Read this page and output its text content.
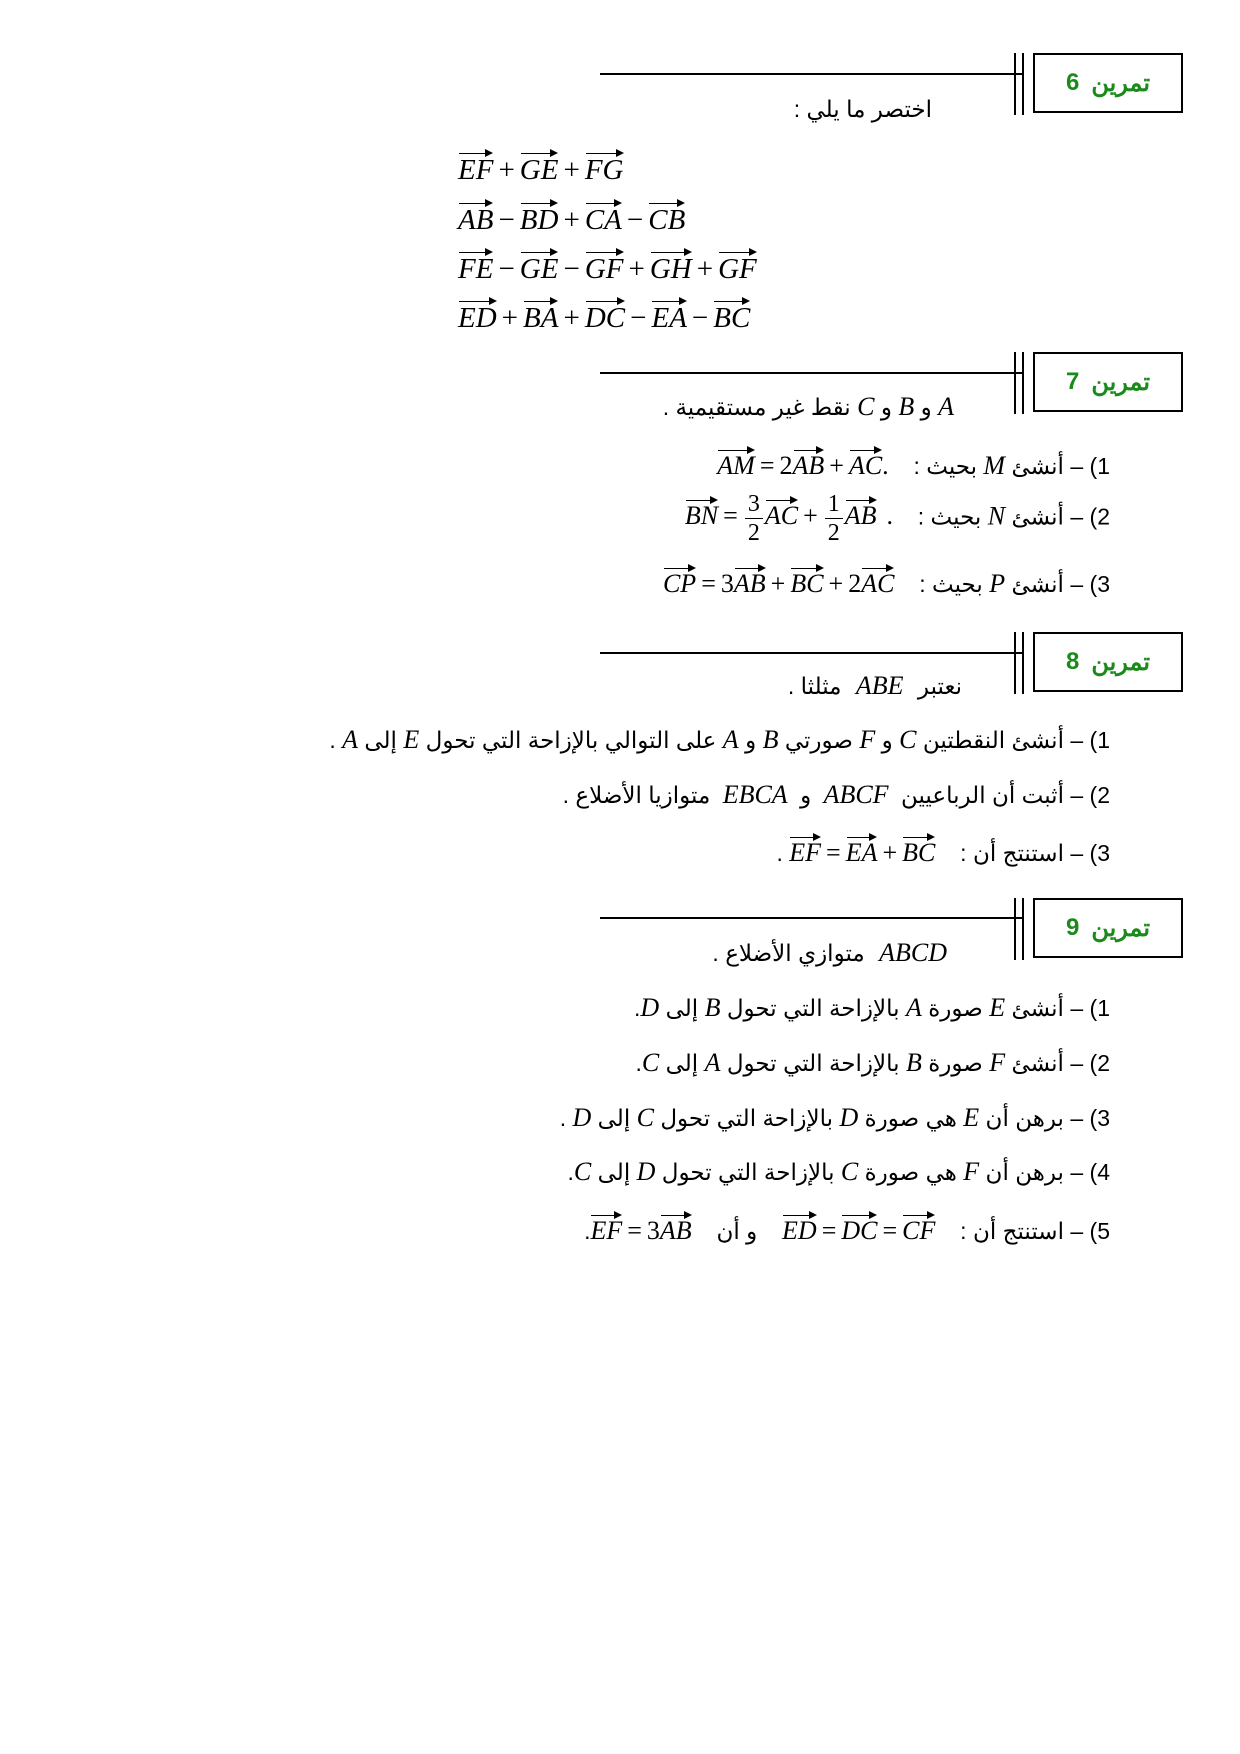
تمرين
6
اختصر ما يلي :
EF + GE + FG
AB − BD + CA − CB
FE − GE − GF + GH + GF
ED + BA + DC − EA − BC
تمرين
7
A و B و C نقط غير مستقيمية .
1) – أنشئ M بحيث :  AM = 2AB + AC.
2) – أنشئ N بحيث :  BN = $\frac{3}{2}$ AC + $\frac{1}{2}$ AB .
3) – أنشئ P بحيث :  CP = 3AB + BC + 2AC
تمرين
8
نعتبر ABE مثلثا .
1) – أنشئ النقطتين C و F صورتي B و A على التوالي بالإزاحة التي تحول E إلى A .
2) – أثبت أن الرباعيين ABCF و EBCA متوازيا الأضلاع .
3) – استنتج أن :  EF = EA + BC .
تمرين
9
ABCD متوازي الأضلاع .
1) – أنشئ E صورة A بالإزاحة التي تحول B إلى D.
2) – أنشئ F صورة B بالإزاحة التي تحول A إلى C.
3) – برهن أن E هي صورة D بالإزاحة التي تحول C إلى D .
4) – برهن أن F هي صورة C بالإزاحة التي تحول D إلى C.
5) – استنتج أن :  ED = DC = CF  و أن  EF = 3AB.
